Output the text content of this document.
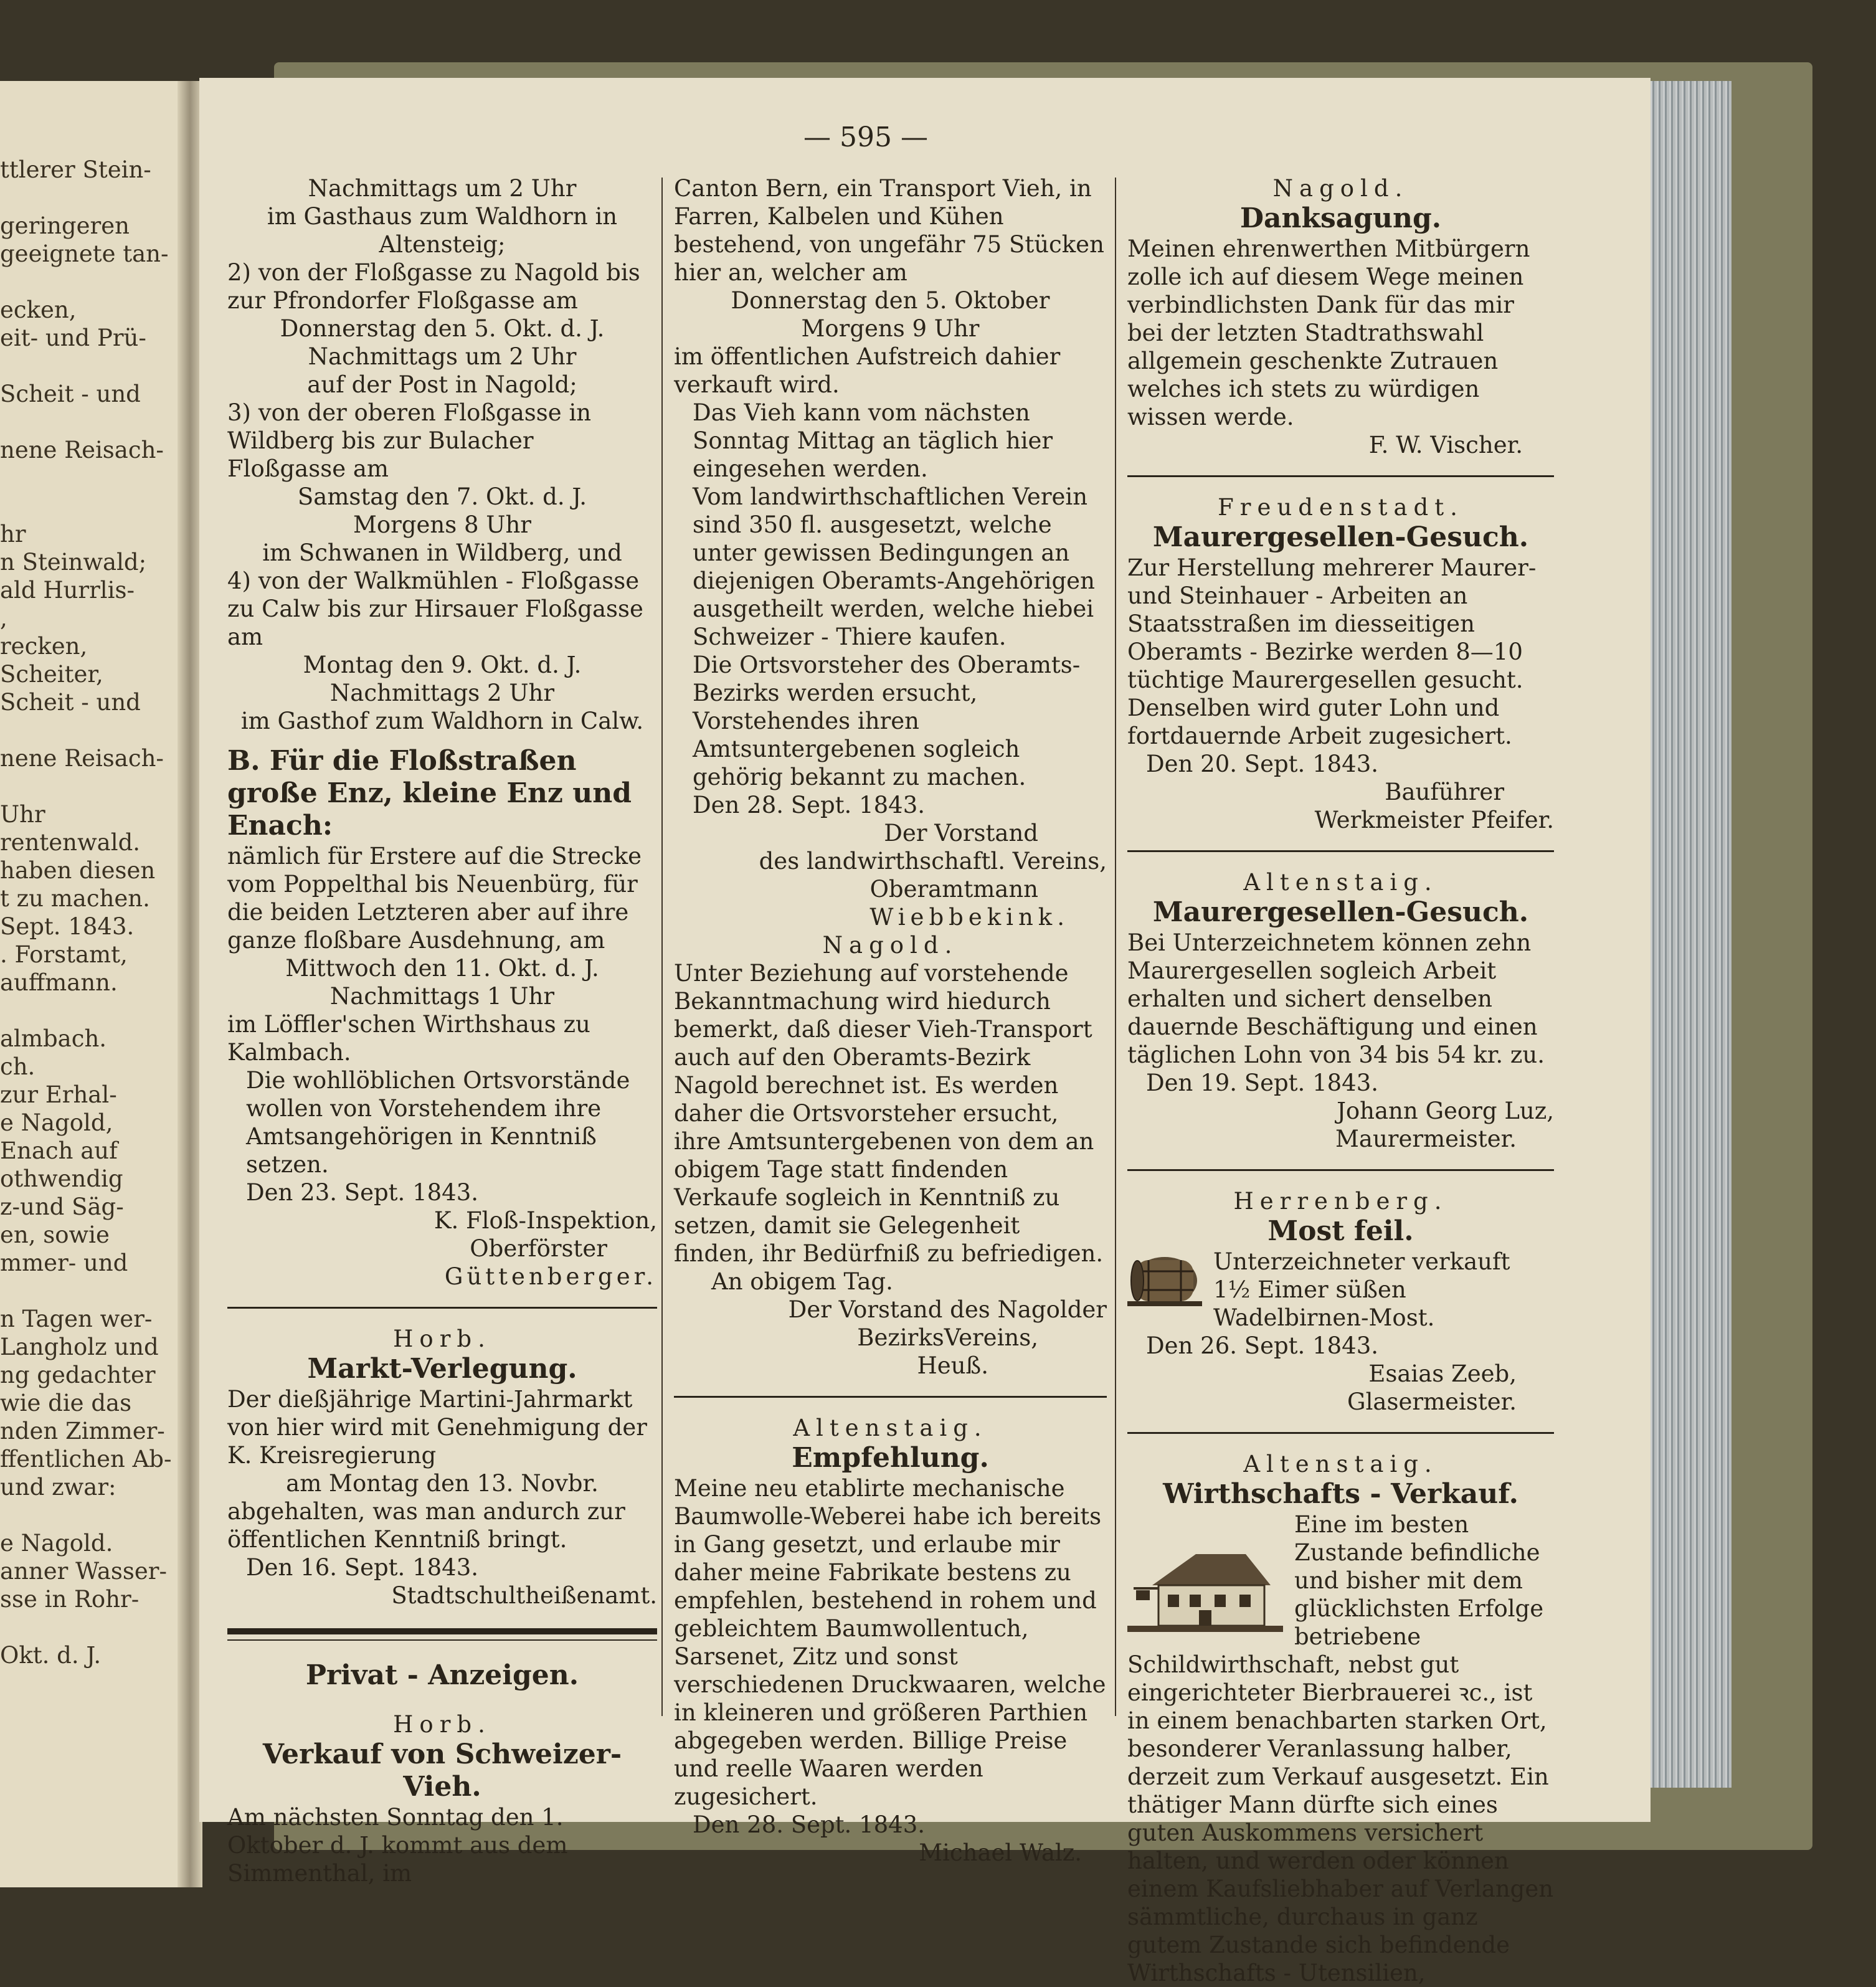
ttlerer Stein-

geringeren

geeignete tan-

ecken,

eit- und Prü-

Scheit - und

nene Reisach-

hr

n Steinwald;

ald Hurrlis-

,

recken,

Scheiter,

Scheit - und

nene Reisach-

Uhr

rentenwald.

haben diesen

t zu machen.

Sept. 1843.

. Forstamt,

auffmann.

almbach.

ch.

zur Erhal-

e Nagold,

Enach auf

othwendig

z-und Säg-

en, sowie

mmer- und

n Tagen wer-

Langholz und

ng gedachter

wie die das

nden Zimmer-

ffentlichen Ab-

und zwar:

e Nagold.

anner Wasser-

sse in Rohr-

Okt. d. J.

— 595 —

Nachmittags um 2 Uhr

im Gasthaus zum Waldhorn in Altensteig;

2) von der Floßgasse zu Nagold bis zur Pfrondorfer Floßgasse am

Donnerstag den 5. Okt. d. J.

Nachmittags um 2 Uhr

auf der Post in Nagold;

3) von der oberen Floßgasse in Wildberg bis zur Bulacher Floßgasse am

Samstag den 7. Okt. d. J.

Morgens 8 Uhr

im Schwanen in Wildberg, und

4) von der Walkmühlen - Floßgasse zu Calw bis zur Hirsauer Floßgasse am

Montag den 9. Okt. d. J.

Nachmittags 2 Uhr

im Gasthof zum Waldhorn in Calw.

B. Für die Floßstraßen große Enz, kleine Enz und Enach:

nämlich für Erstere auf die Strecke vom Poppelthal bis Neuenbürg, für die beiden Letzteren aber auf ihre ganze floßbare Ausdehnung, am

Mittwoch den 11. Okt. d. J.

Nachmittags 1 Uhr

im Löffler'schen Wirthshaus zu Kalmbach.

Die wohllöblichen Ortsvorstände wollen von Vorstehendem ihre Amtsangehörigen in Kenntniß setzen.

Den 23. Sept. 1843.

K. Floß-Inspektion,

Oberförster

Güttenberger.

Horb.

Markt-Verlegung.

Der dießjährige Martini-Jahrmarkt von hier wird mit Genehmigung der K. Kreisregierung

am Montag den 13. Novbr.

abgehalten, was man andurch zur öffentlichen Kenntniß bringt.

Den 16. Sept. 1843.

Stadtschultheißenamt.

Privat - Anzeigen.

Horb.

Verkauf von Schweizer-Vieh.

Am nächsten Sonntag den 1. Oktober d. J. kommt aus dem Simmenthal, im

Canton Bern, ein Transport Vieh, in Farren, Kalbelen und Kühen bestehend, von ungefähr 75 Stücken hier an, welcher am

Donnerstag den 5. Oktober

Morgens 9 Uhr

im öffentlichen Aufstreich dahier verkauft wird.

Das Vieh kann vom nächsten Sonntag Mittag an täglich hier eingesehen werden.

Vom landwirthschaftlichen Verein sind 350 fl. ausgesetzt, welche unter gewissen Bedingungen an diejenigen Oberamts-Angehörigen ausgetheilt werden, welche hiebei Schweizer - Thiere kaufen.

Die Ortsvorsteher des Oberamts-Bezirks werden ersucht, Vorstehendes ihren Amtsuntergebenen sogleich gehörig bekannt zu machen.

Den 28. Sept. 1843.

Der Vorstand

des landwirthschaftl. Vereins,

Oberamtmann

Wiebbekink.

Nagold.

Unter Beziehung auf vorstehende Bekanntmachung wird hiedurch bemerkt, daß dieser Vieh-Transport auch auf den Oberamts-Bezirk Nagold berechnet ist. Es werden daher die Ortsvorsteher ersucht, ihre Amtsuntergebenen von dem an obigem Tage statt findenden Verkaufe sogleich in Kenntniß zu setzen, damit sie Gelegenheit finden, ihr Bedürfniß zu befriedigen.

An obigem Tag.

Der Vorstand des Nagolder

BezirksVereins,

Heuß.

Altenstaig.

Empfehlung.

Meine neu etablirte mechanische Baumwolle-Weberei habe ich bereits in Gang gesetzt, und erlaube mir daher meine Fabrikate bestens zu empfehlen, bestehend in rohem und gebleichtem Baumwollentuch, Sarsenet, Zitz und sonst verschiedenen Druckwaaren, welche in kleineren und größeren Parthien abgegeben werden. Billige Preise und reelle Waaren werden zugesichert.

Den 28. Sept. 1843.

Michael Walz.

Nagold.

Danksagung.

Meinen ehrenwerthen Mitbürgern zolle ich auf diesem Wege meinen verbindlichsten Dank für das mir bei der letzten Stadtrathswahl allgemein geschenkte Zutrauen welches ich stets zu würdigen wissen werde.

F. W. Vischer.

Freudenstadt.

Maurergesellen-Gesuch.

Zur Herstellung mehrerer Maurer- und Steinhauer - Arbeiten an Staatsstraßen im diesseitigen Oberamts - Bezirke werden 8—10 tüchtige Maurergesellen gesucht. Denselben wird guter Lohn und fortdauernde Arbeit zugesichert.

Den 20. Sept. 1843.

Bauführer

Werkmeister Pfeifer.

Altenstaig.

Maurergesellen-Gesuch.

Bei Unterzeichnetem können zehn Maurergesellen sogleich Arbeit erhalten und sichert denselben dauernde Beschäftigung und einen täglichen Lohn von 34 bis 54 kr. zu.

Den 19. Sept. 1843.

Johann Georg Luz,

Maurermeister.

Herrenberg.

Most feil.

Unterzeichneter verkauft 1½ Eimer süßen Wadelbirnen-Most.

Den 26. Sept. 1843.

Esaias Zeeb,

Glasermeister.

Altenstaig.

Wirthschafts - Verkauf.

Eine im besten Zustande befindliche und bisher mit dem glücklichsten Erfolge betriebene Schildwirthschaft, nebst gut eingerichteter Bierbrauerei ꝛc., ist in einem benachbarten starken Ort, besonderer Veranlassung halber, derzeit zum Verkauf ausgesetzt. Ein thätiger Mann dürfte sich eines guten Auskommens versichert halten, und werden oder können einem Kaufsliebhaber auf Verlangen sämmtliche, durchaus in ganz gutem Zustande sich befindende Wirthschafts - Utensilien,
